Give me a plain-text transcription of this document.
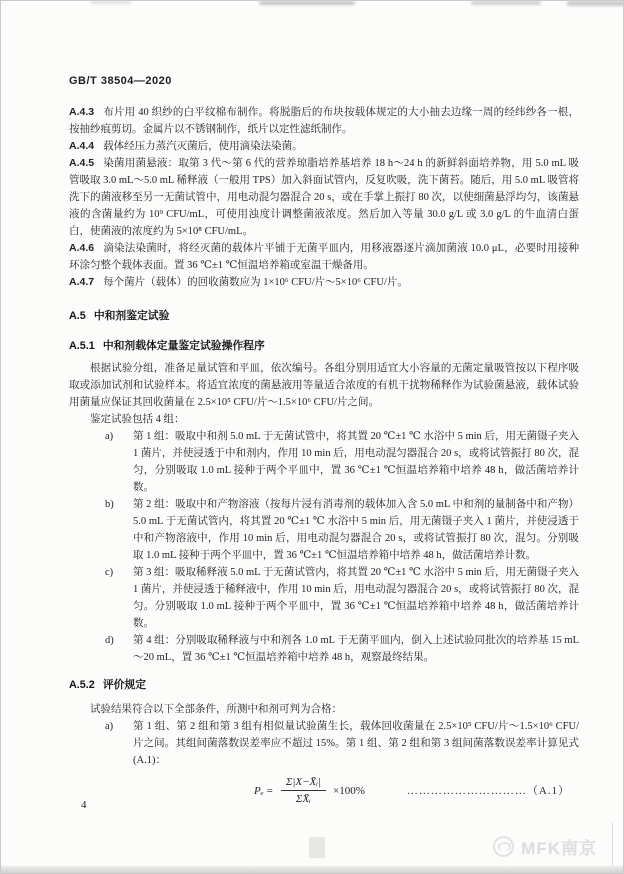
GB/T 38504—2020

A.4.3 布片用 40 织纱的白平纹棉布制作。将脱脂后的布块按载体规定的大小抽去边缘一周的经纬纱各一根，按抽纱痕剪切。金属片以不锈钢制作，纸片以定性滤纸制作。

A.4.4 载体经压力蒸汽灭菌后，使用滴染法染菌。

A.4.5 染菌用菌悬液：取第 3 代～第 6 代的营养琼脂培养基培养 18 h～24 h 的新鲜斜面培养物，用 5.0 mL 吸管吸取 3.0 mL～5.0 mL 稀释液（一般用 TPS）加入斜面试管内，反复吹吸，洗下菌苔。随后，用 5.0 mL 吸管将洗下的菌液移至另一无菌试管中，用电动混匀器混合 20 s，或在手掌上振打 80 次，以使细菌悬浮均匀，该菌悬液的含菌量约为 10⁹ CFU/mL，可使用浊度计调整菌液浓度。然后加入等量 30.0 g/L 或 3.0 g/L 的牛血清白蛋白，使菌液的浓度约为 5×10⁸ CFU/mL。

A.4.6 滴染法染菌时，将经灭菌的载体片平铺于无菌平皿内，用移液器逐片滴加菌液 10.0 μL，必要时用接种环涂匀整个载体表面。置 36 ℃±1 ℃恒温培养箱或室温干燥备用。

A.4.7 每个菌片（载体）的回收菌数应为 1×10⁶ CFU/片～5×10⁶ CFU/片。

A.5 中和剂鉴定试验

A.5.1 中和剂载体定量鉴定试验操作程序

根据试验分组，准备足量试管和平皿，依次编号。各组分别用适宜大小容量的无菌定量吸管按以下程序吸取或添加试剂和试验样本。将适宜浓度的菌悬液用等量适合浓度的有机干扰物稀释作为试验菌悬液，载体试验用菌量应保证其回收菌量在 2.5×10⁵ CFU/片～1.5×10⁶ CFU/片之间。

鉴定试验包括 4 组：

a)	第 1 组：吸取中和剂 5.0 mL 于无菌试管中，将其置 20 ℃±1 ℃ 水浴中 5 min 后，用无菌镊子夹入 1 菌片，并使浸透于中和剂内，作用 10 min 后，用电动混匀器混合 20 s，或将试管振打 80 次，混匀，分别吸取 1.0 mL 接种于两个平皿中，置 36 ℃±1 ℃恒温培养箱中培养 48 h，做活菌培养计数。
b)	第 2 组：吸取中和产物溶液（按每片浸有消毒剂的载体加入含 5.0 mL 中和剂的量制备中和产物）5.0 mL 于无菌试管内，将其置 20 ℃±1 ℃ 水浴中 5 min 后，用无菌镊子夹入 1 菌片，并使浸透于中和产物溶液中，作用 10 min 后，用电动混匀器混合 20 s，或将试管振打 80 次，混匀。分别吸取 1.0 mL 接种于两个平皿中，置 36 ℃±1 ℃恒温培养箱中培养 48 h，做活菌培养计数。
c)	第 3 组：吸取稀释液 5.0 mL 于无菌试管内，将其置 20 ℃±1 ℃ 水浴中 5 min 后，用无菌镊子夹入 1 菌片，并使浸透于稀释液中，作用 10 min 后，用电动混匀器混合 20 s，或将试管振打 80 次，混匀。分别吸取 1.0 mL 接种于两个平皿中，置 36 ℃±1 ℃恒温培养箱中培养 48 h，做活菌培养计数。
d)	第 4 组：分别吸取稀释液与中和剂各 1.0 mL 于无菌平皿内，倒入上述试验同批次的培养基 15 mL～20 mL，置 36 ℃±1 ℃恒温培养箱中培养 48 h，观察最终结果。

A.5.2 评价规定

试验结果符合以下全部条件，所测中和剂可判为合格：

a)	第 1 组、第 2 组和第 3 组有相似量试验菌生长，载体回收菌量在 2.5×10⁵ CFU/片～1.5×10⁶ CFU/片之间。其组间菌落数误差率应不超过 15%。第 1 组、第 2 组和第 3 组间菌落数误差率计算见式(A.1)：
$P_e = \frac{\text{Σ|X−X̄ᵢ|}}{\text{ΣX̄ᵢ}} \times 100\%$	…………………………（A.1）
4
MFK南京
